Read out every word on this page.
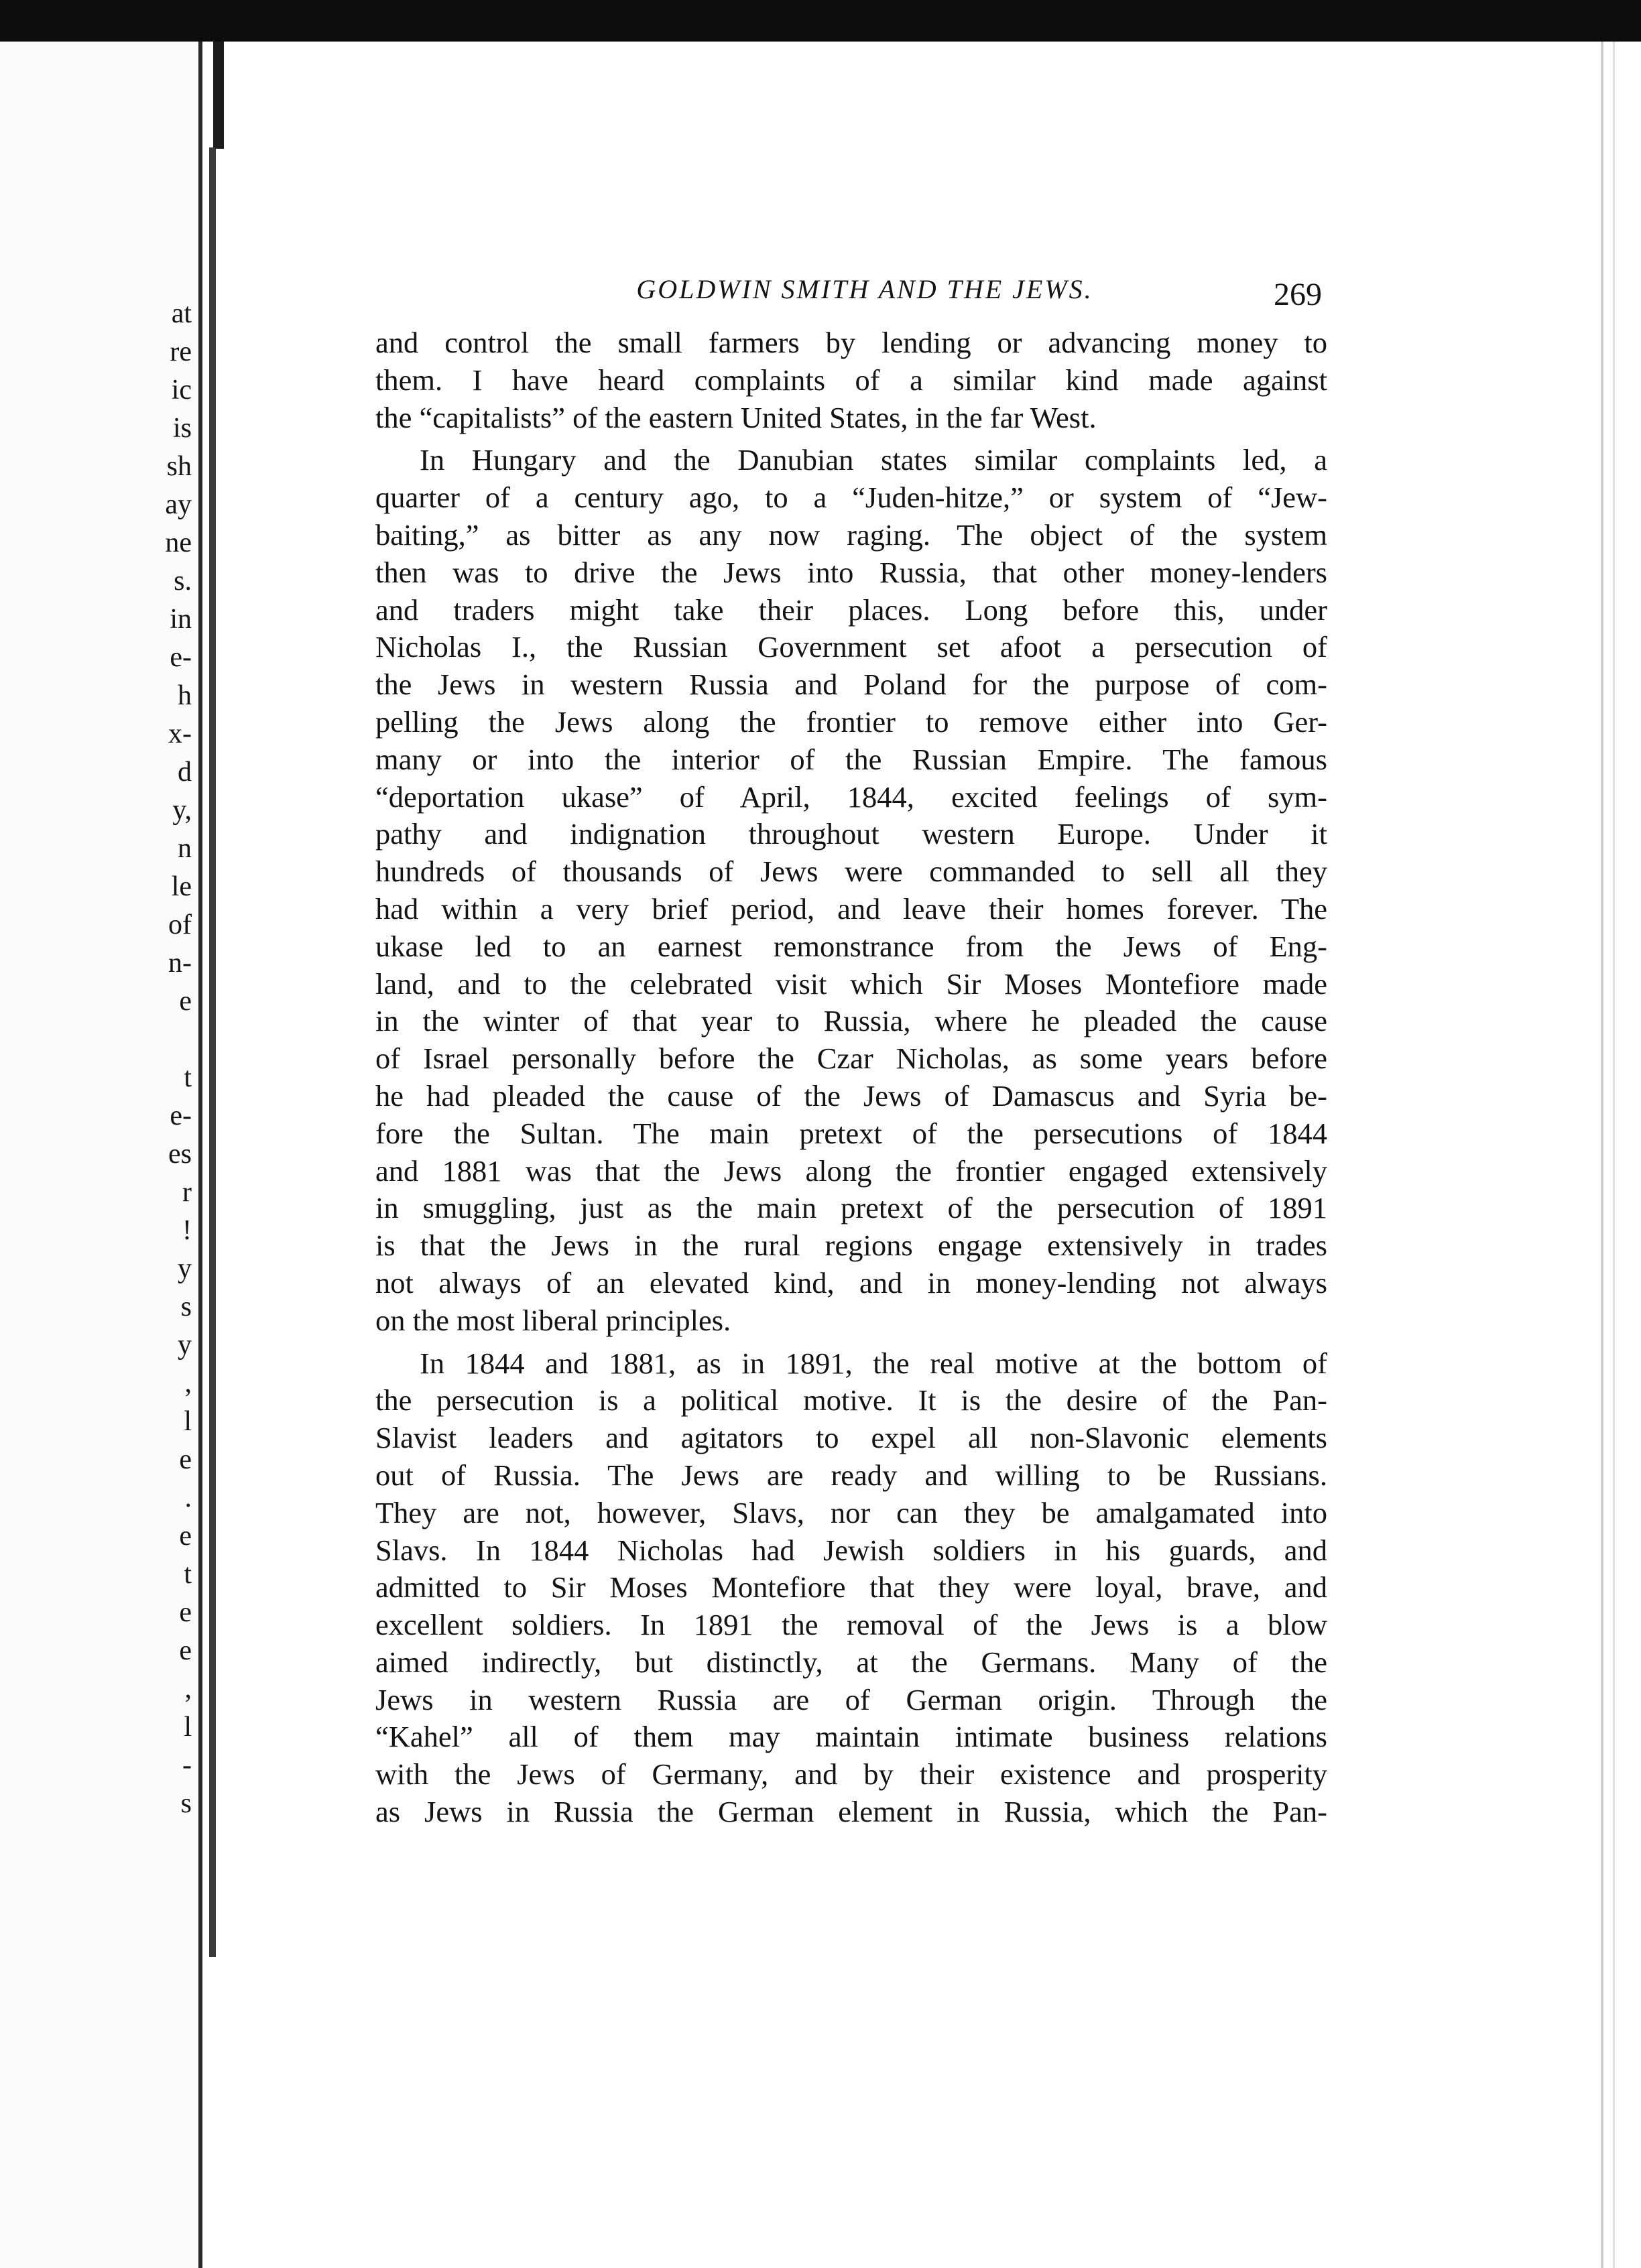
at
re
ic
is
sh
ay
ne
s.
in
e-
h
x-
d
y,
n
le
of
n-
e
t
e-
es
r
!
y
s
y
,
l
e
.
e
t
e
e
,
l
-
s
GOLDWIN SMITH AND THE JEWS.	269
and control the small farmers by lending or advancing money to
them. I have heard complaints of a similar kind made against
the “capitalists” of the eastern United States, in the far West.
In Hungary and the Danubian states similar complaints led, a
quarter of a century ago, to a “Juden-hitze,” or system of “Jew-
baiting,” as bitter as any now raging. The object of the system
then was to drive the Jews into Russia, that other money-lenders
and traders might take their places. Long before this, under
Nicholas I., the Russian Government set afoot a persecution of
the Jews in western Russia and Poland for the purpose of com-
pelling the Jews along the frontier to remove either into Ger-
many or into the interior of the Russian Empire. The famous
“deportation ukase” of April, 1844, excited feelings of sym-
pathy and indignation throughout western Europe. Under it
hundreds of thousands of Jews were commanded to sell all they
had within a very brief period, and leave their homes forever. The
ukase led to an earnest remonstrance from the Jews of Eng-
land, and to the celebrated visit which Sir Moses Montefiore made
in the winter of that year to Russia, where he pleaded the cause
of Israel personally before the Czar Nicholas, as some years before
he had pleaded the cause of the Jews of Damascus and Syria be-
fore the Sultan. The main pretext of the persecutions of 1844
and 1881 was that the Jews along the frontier engaged extensively
in smuggling, just as the main pretext of the persecution of 1891
is that the Jews in the rural regions engage extensively in trades
not always of an elevated kind, and in money-lending not always
on the most liberal principles.
In 1844 and 1881, as in 1891, the real motive at the bottom of
the persecution is a political motive. It is the desire of the Pan-
Slavist leaders and agitators to expel all non-Slavonic elements
out of Russia. The Jews are ready and willing to be Russians.
They are not, however, Slavs, nor can they be amalgamated into
Slavs. In 1844 Nicholas had Jewish soldiers in his guards, and
admitted to Sir Moses Montefiore that they were loyal, brave, and
excellent soldiers. In 1891 the removal of the Jews is a blow
aimed indirectly, but distinctly, at the Germans. Many of the
Jews in western Russia are of German origin. Through the
“Kahel” all of them may maintain intimate business relations
with the Jews of Germany, and by their existence and prosperity
as Jews in Russia the German element in Russia, which the Pan-
